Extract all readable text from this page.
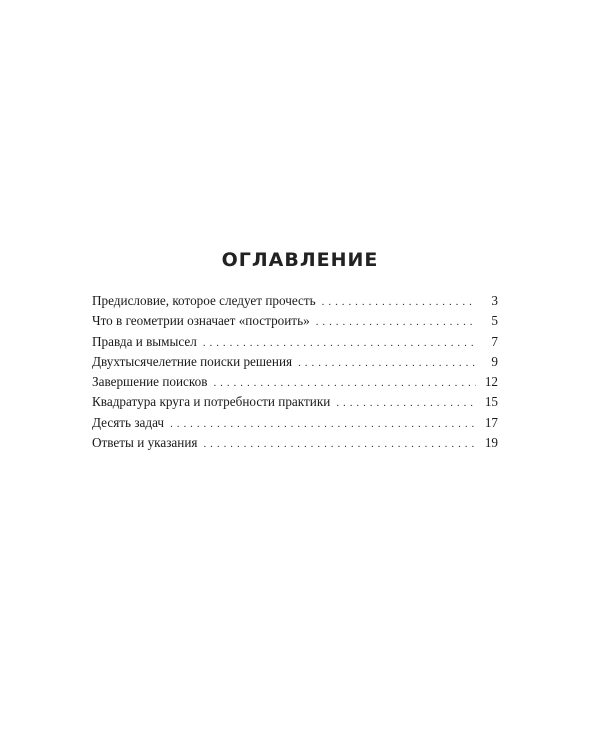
ОГЛАВЛЕНИЕ
Предисловие, которое следует прочесть . . .	3
Что в геометрии означает «построить» . . .	5
Правда и вымысел . . .	7
Двухтысячелетние поиски решения . . .	9
Завершение поисков . . .	12
Квадратура круга и потребности практики . . .	15
Десять задач . . .	17
Ответы и указания . . .	19
